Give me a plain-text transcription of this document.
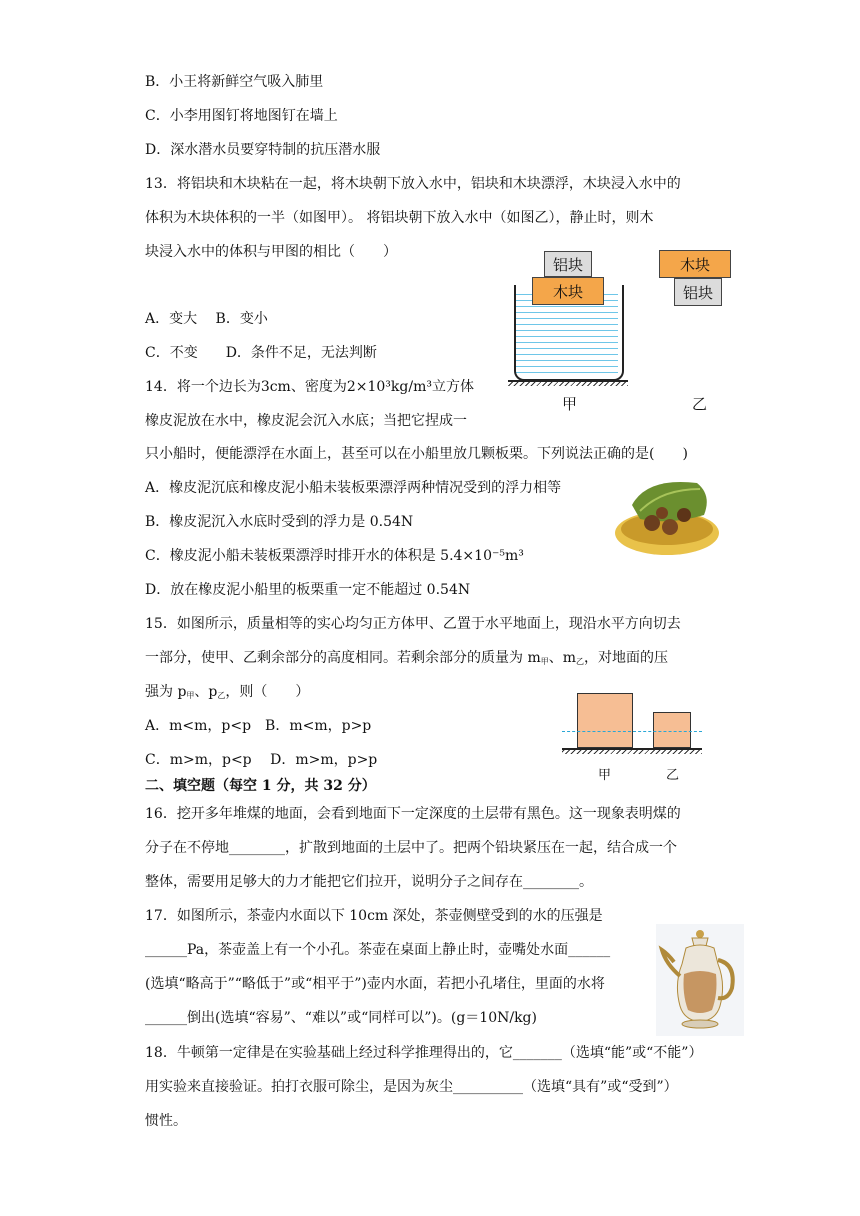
B．小王将新鲜空气吸入肺里
C．小李用图钉将地图钉在墙上
D．深水潜水员要穿特制的抗压潜水服
13．将铝块和木块粘在一起，将木块朝下放入水中，铝块和木块漂浮，木块浸入水中的
体积为木块体积的一半（如图甲）。 将铝块朝下放入水中（如图乙），静止时，则木
块浸入水中的体积与甲图的相比（　　）
A．变大　 B．变小
C．不变　　D．条件不足，无法判断
铝块
木块
甲
木块
铝块
乙
14．将一个边长为3cm、密度为2×10³kg/m³立方体
橡皮泥放在水中，橡皮泥会沉入水底；当把它捏成一
只小船时，便能漂浮在水面上，甚至可以在小船里放几颗板栗。下列说法正确的是(　　)
A．橡皮泥沉底和橡皮泥小船未装板栗漂浮两种情况受到的浮力相等
B．橡皮泥沉入水底时受到的浮力是 0.54N
C．橡皮泥小船未装板栗漂浮时排开水的体积是 5.4×10⁻⁵m³
D．放在橡皮泥小船里的板栗重一定不能超过 0.54N
15．如图所示，质量相等的实心均匀正方体甲、乙置于水平地面上，现沿水平方向切去
一部分，使甲、乙剩余部分的高度相同。若剩余部分的质量为 $m_甲$、$m_乙$，对地面的压
强为 $p_甲$、$p_乙$，则（　　）
A．m<m，p<p　B．m<m，p>p
C．m>m，p<p　 D．m>m，p>p
甲	乙
二、填空题（每空 1 分，共 32 分）
16．挖开多年堆煤的地面，会看到地面下一定深度的土层带有黑色。这一现象表明煤的
分子在不停地________，扩散到地面的土层中了。把两个铅块紧压在一起，结合成一个
整体，需要用足够大的力才能把它们拉开，说明分子之间存在________。
17．如图所示，茶壶内水面以下 10cm 深处，茶壶侧壁受到的水的压强是
______Pa，茶壶盖上有一个小孔。茶壶在桌面上静止时，壶嘴处水面______
(选填“略高于”“略低于”或“相平于”)壶内水面，若把小孔堵住，里面的水将
______倒出(选填“容易”、“难以”或“同样可以”)。(g＝10N/kg)
18．牛顿第一定律是在实验基础上经过科学推理得出的，它_______（选填“能”或“不能”）
用实验来直接验证。拍打衣服可除尘，是因为灰尘__________（选填“具有”或“受到”）
惯性。
